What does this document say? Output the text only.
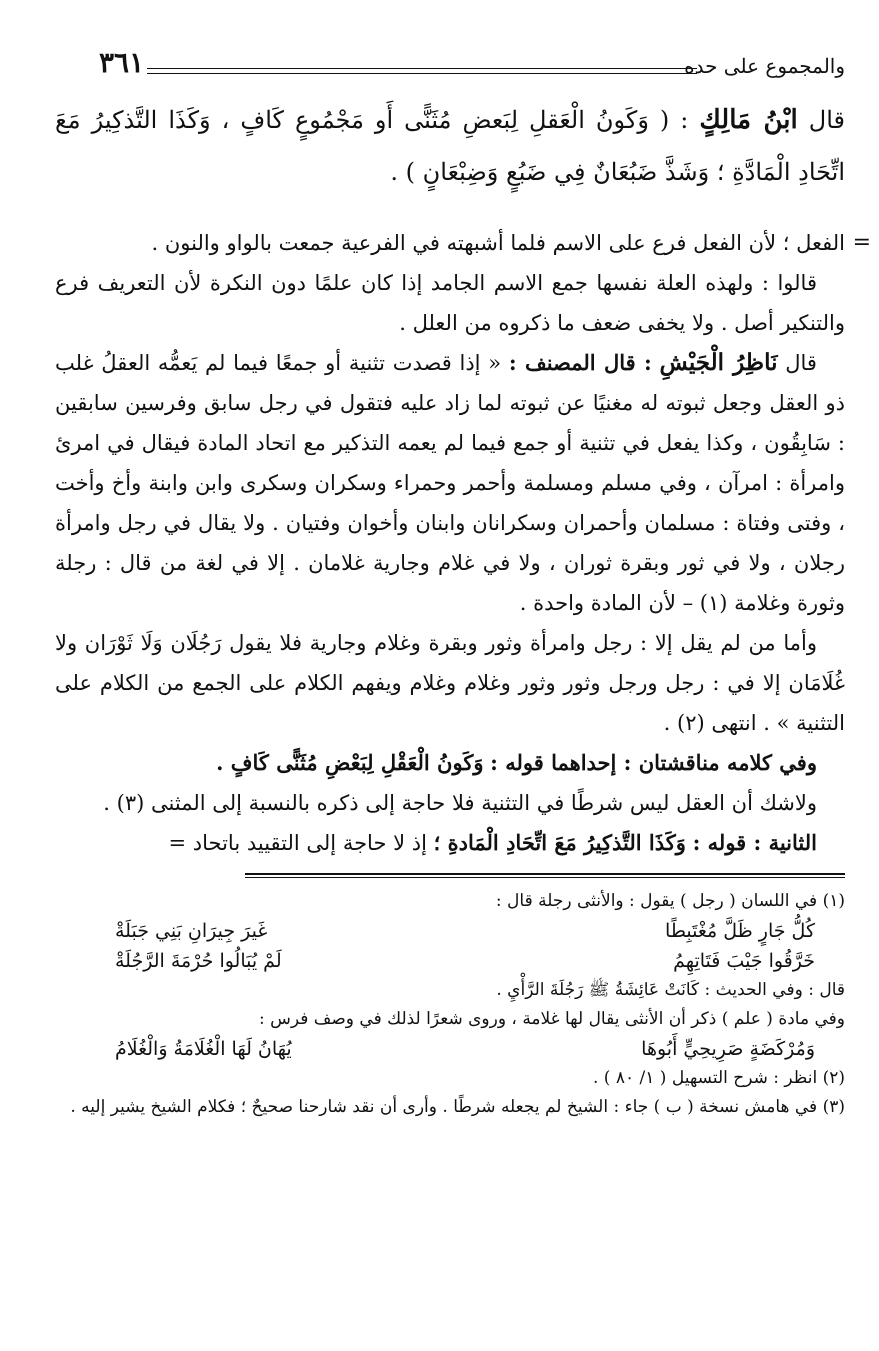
والمجموع على حده
٣٦١
قال ابْنُ مَالِكٍ : ( وَكَونُ الْعَقلِ لِبَعضِ مُثَنًّى أَو مَجْمُوعٍ كَافٍ ، وَكَذَا التَّذكِيرُ مَعَ اتِّحَادِ الْمَادَّةِ ؛ وَشَذَّ ضَبُعَانٌ فِي ضَبُعٍ وَضِبْعَانٍ ) .

=
الفعل ؛ لأن الفعل فرع على الاسم فلما أشبهته في الفرعية جمعت بالواو والنون .

قالوا : ولهذه العلة نفسها جمع الاسم الجامد إذا كان علمًا دون النكرة لأن التعريف فرع والتنكير أصل . ولا يخفى ضعف ما ذكروه من العلل .

قال نَاظِرُ الْجَيْشِ : قال المصنف : « إذا قصدت تثنية أو جمعًا فيما لم يَعمُّه العقلُ غلب ذو العقل وجعل ثبوته له مغنيًا عن ثبوته لما زاد عليه فتقول في رجل سابق وفرسين سابقين : سَابِقُون ، وكذا يفعل في تثنية أو جمع فيما لم يعمه التذكير مع اتحاد المادة فيقال في امرئ وامرأة : امرآن ، وفي مسلم ومسلمة وأحمر وحمراء وسكران وسكرى وابن وابنة وأخ وأخت ، وفتى وفتاة : مسلمان وأحمران وسكرانان وابنان وأخوان وفتيان . ولا يقال في رجل وامرأة رجلان ، ولا في ثور وبقرة ثوران ، ولا في غلام وجارية غلامان . إلا في لغة من قال : رجلة وثورة وغلامة (١) – لأن المادة واحدة .

وأما من لم يقل إلا : رجل وامرأة وثور وبقرة وغلام وجارية فلا يقول رَجُلَان وَلَا ثَوْرَان ولا غُلَامَان إلا في : رجل ورجل وثور وثور وغلام وغلام ويفهم الكلام على الجمع من الكلام على التثنية » . انتهى (٢) .

وفي كلامه مناقشتان : إحداهما قوله : وَكَونُ الْعَقْلِ لِبَعْضِ مُثَنًّى كَافٍ .

ولاشك أن العقل ليس شرطًا في التثنية فلا حاجة إلى ذكره بالنسبة إلى المثنى (٣) .

الثانية : قوله : وَكَذَا التَّذكِيرُ مَعَ اتِّحَادِ الْمَادةِ ؛ إذ لا حاجة إلى التقييد باتحاد =

(١) في اللسان ( رجل ) يقول : والأنثى رجلة قال :

كُلُّ جَارٍ ظَلَّ مُغْتَبِطًا
غَيرَ جِيرَانِ بَنِي جَبَلَةْ
خَرَّقُوا جَيْبَ فَتَاتِهِمُ
لَمْ يُبَالُوا حُرْمَةَ الرَّجُلَةْ

قال : وفي الحديث : كَانَتْ عَائِشَةُ ﷺ رَجُلَةَ الرَّأْيِ .

وفي مادة ( علم ) ذكر أن الأنثى يقال لها غلامة ، وروى شعرًا لذلك في وصف فرس :

وَمُرْكَضَةٍ صَرِيحِيٍّ أَبُوهَا
يُهَانُ لَهَا الْغُلَامَةُ وَالْغُلَامُ

(٢) انظر : شرح التسهيل ( ١/ ٨٠ ) .

(٣) في هامش نسخة ( ب ) جاء : الشيخ لم يجعله شرطًا . وأرى أن نقد شارحنا صحيحٌ ؛ فكلام الشيخ يشير إليه .
